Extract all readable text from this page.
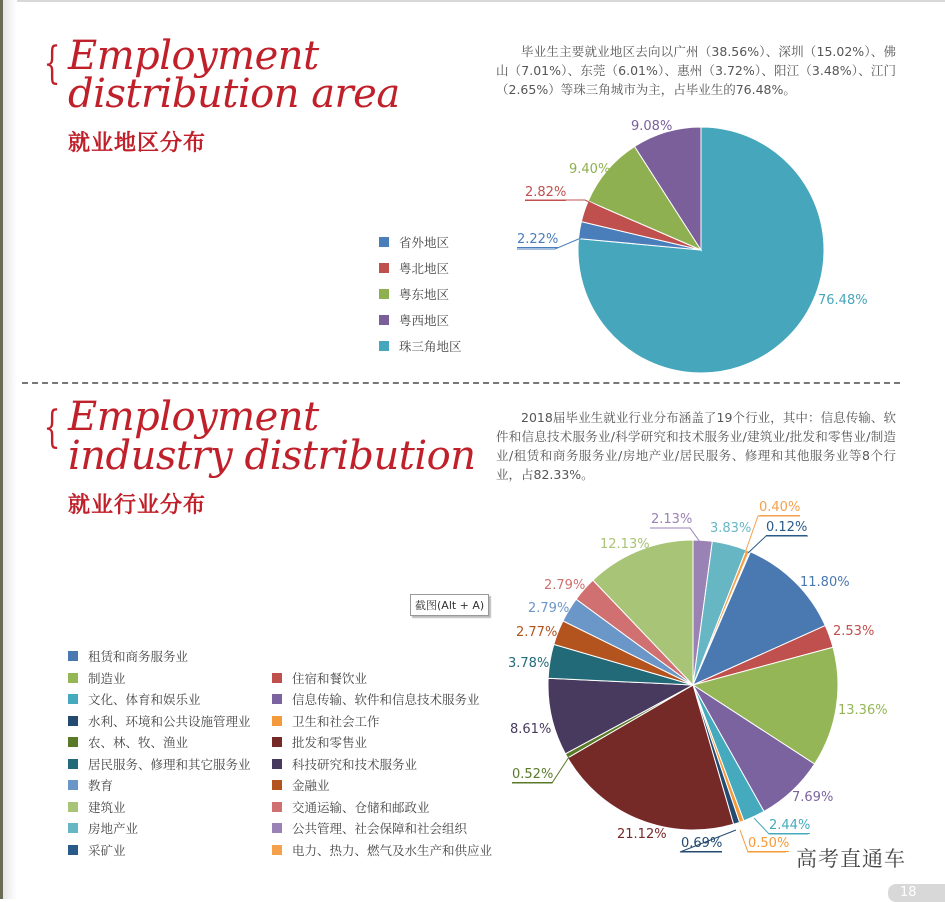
{ Employment
distribution area
就业地区分布
毕业生主要就业地区去向以广州（38.56%）、深圳（15.02%）、佛山（7.01%）、东莞（6.01%）、惠州（3.72%）、阳江（3.48%）、江门（2.65%）等珠三角城市为主，占毕业生的76.48%。
省外地区
粤北地区
粤东地区
粤西地区
珠三角地区
{ Employment
industry distribution
就业行业分布
2018届毕业生就业行业分布涵盖了19个行业，其中：信息传输、软件和信息技术服务业/科学研究和技术服务业/建筑业/批发和零售业/制造业/租赁和商务服务业/房地产业/居民服务、修理和其他服务业等8个行业，占82.33%。
租赁和商务服务业
制造业	住宿和餐饮业
文化、体育和娱乐业	信息传输、软件和信息技术服务业
水利、环境和公共设施管理业	卫生和社会工作
农、林、牧、渔业	批发和零售业
居民服务、修理和其它服务业	科技研究和技术服务业
教育	金融业
建筑业	交通运输、仓储和邮政业
房地产业	公共管理、社会保障和社会组织
采矿业	电力、热力、燃气及水生产和供应业
截图(Alt + A)
高考直通车
18
2.22%
2.82%
9.40%
9.08%
76.48%
2.13%
3.83%
0.40%
0.12%
11.80%
2.53%
13.36%
7.69%
2.44%
0.50%
0.69%
21.12%
0.52%
8.61%
3.78%
2.77%
2.79%
2.79%
12.13%
